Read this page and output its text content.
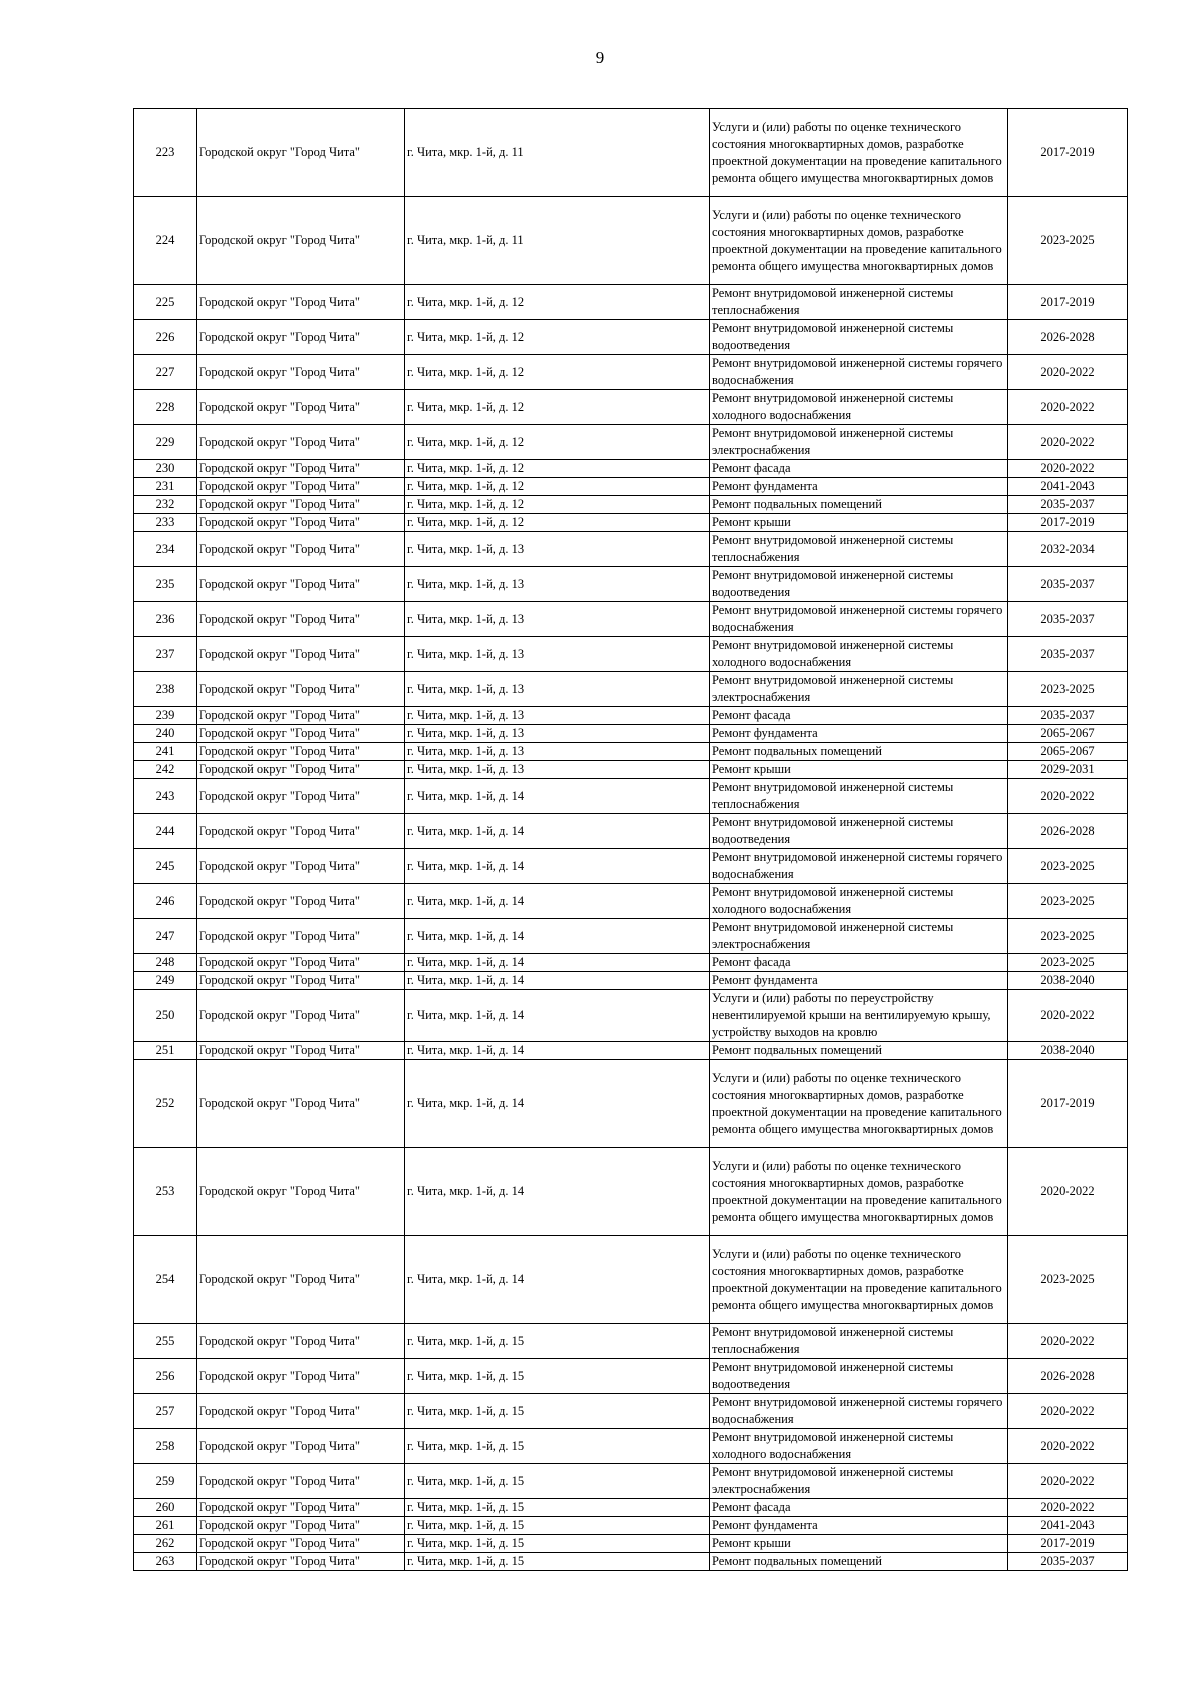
9
223	Городской округ "Город Чита"	г. Чита, мкр. 1-й, д. 11	Услуги и (или) работы по оценке технического состояния многоквартирных домов, разработке проектной документации на проведение капитального ремонта общего имущества многоквартирных домов	2017-2019
224	Городской округ "Город Чита"	г. Чита, мкр. 1-й, д. 11	Услуги и (или) работы по оценке технического состояния многоквартирных домов, разработке проектной документации на проведение капитального ремонта общего имущества многоквартирных домов	2023-2025
225	Городской округ "Город Чита"	г. Чита, мкр. 1-й, д. 12	Ремонт внутридомовой инженерной системы теплоснабжения	2017-2019
226	Городской округ "Город Чита"	г. Чита, мкр. 1-й, д. 12	Ремонт внутридомовой инженерной системы водоотведения	2026-2028
227	Городской округ "Город Чита"	г. Чита, мкр. 1-й, д. 12	Ремонт внутридомовой инженерной системы горячего водоснабжения	2020-2022
228	Городской округ "Город Чита"	г. Чита, мкр. 1-й, д. 12	Ремонт внутридомовой инженерной системы холодного водоснабжения	2020-2022
229	Городской округ "Город Чита"	г. Чита, мкр. 1-й, д. 12	Ремонт внутридомовой инженерной системы электроснабжения	2020-2022
230	Городской округ "Город Чита"	г. Чита, мкр. 1-й, д. 12	Ремонт фасада	2020-2022
231	Городской округ "Город Чита"	г. Чита, мкр. 1-й, д. 12	Ремонт фундамента	2041-2043
232	Городской округ "Город Чита"	г. Чита, мкр. 1-й, д. 12	Ремонт подвальных помещений	2035-2037
233	Городской округ "Город Чита"	г. Чита, мкр. 1-й, д. 12	Ремонт крыши	2017-2019
234	Городской округ "Город Чита"	г. Чита, мкр. 1-й, д. 13	Ремонт внутридомовой инженерной системы теплоснабжения	2032-2034
235	Городской округ "Город Чита"	г. Чита, мкр. 1-й, д. 13	Ремонт внутридомовой инженерной системы водоотведения	2035-2037
236	Городской округ "Город Чита"	г. Чита, мкр. 1-й, д. 13	Ремонт внутридомовой инженерной системы горячего водоснабжения	2035-2037
237	Городской округ "Город Чита"	г. Чита, мкр. 1-й, д. 13	Ремонт внутридомовой инженерной системы холодного водоснабжения	2035-2037
238	Городской округ "Город Чита"	г. Чита, мкр. 1-й, д. 13	Ремонт внутридомовой инженерной системы электроснабжения	2023-2025
239	Городской округ "Город Чита"	г. Чита, мкр. 1-й, д. 13	Ремонт фасада	2035-2037
240	Городской округ "Город Чита"	г. Чита, мкр. 1-й, д. 13	Ремонт фундамента	2065-2067
241	Городской округ "Город Чита"	г. Чита, мкр. 1-й, д. 13	Ремонт подвальных помещений	2065-2067
242	Городской округ "Город Чита"	г. Чита, мкр. 1-й, д. 13	Ремонт крыши	2029-2031
243	Городской округ "Город Чита"	г. Чита, мкр. 1-й, д. 14	Ремонт внутридомовой инженерной системы теплоснабжения	2020-2022
244	Городской округ "Город Чита"	г. Чита, мкр. 1-й, д. 14	Ремонт внутридомовой инженерной системы водоотведения	2026-2028
245	Городской округ "Город Чита"	г. Чита, мкр. 1-й, д. 14	Ремонт внутридомовой инженерной системы горячего водоснабжения	2023-2025
246	Городской округ "Город Чита"	г. Чита, мкр. 1-й, д. 14	Ремонт внутридомовой инженерной системы холодного водоснабжения	2023-2025
247	Городской округ "Город Чита"	г. Чита, мкр. 1-й, д. 14	Ремонт внутридомовой инженерной системы электроснабжения	2023-2025
248	Городской округ "Город Чита"	г. Чита, мкр. 1-й, д. 14	Ремонт фасада	2023-2025
249	Городской округ "Город Чита"	г. Чита, мкр. 1-й, д. 14	Ремонт фундамента	2038-2040
250	Городской округ "Город Чита"	г. Чита, мкр. 1-й, д. 14	Услуги и (или) работы по переустройству невентилируемой крыши на вентилируемую крышу, устройству выходов на кровлю	2020-2022
251	Городской округ "Город Чита"	г. Чита, мкр. 1-й, д. 14	Ремонт подвальных помещений	2038-2040
252	Городской округ "Город Чита"	г. Чита, мкр. 1-й, д. 14	Услуги и (или) работы по оценке технического состояния многоквартирных домов, разработке проектной документации на проведение капитального ремонта общего имущества многоквартирных домов	2017-2019
253	Городской округ "Город Чита"	г. Чита, мкр. 1-й, д. 14	Услуги и (или) работы по оценке технического состояния многоквартирных домов, разработке проектной документации на проведение капитального ремонта общего имущества многоквартирных домов	2020-2022
254	Городской округ "Город Чита"	г. Чита, мкр. 1-й, д. 14	Услуги и (или) работы по оценке технического состояния многоквартирных домов, разработке проектной документации на проведение капитального ремонта общего имущества многоквартирных домов	2023-2025
255	Городской округ "Город Чита"	г. Чита, мкр. 1-й, д. 15	Ремонт внутридомовой инженерной системы теплоснабжения	2020-2022
256	Городской округ "Город Чита"	г. Чита, мкр. 1-й, д. 15	Ремонт внутридомовой инженерной системы водоотведения	2026-2028
257	Городской округ "Город Чита"	г. Чита, мкр. 1-й, д. 15	Ремонт внутридомовой инженерной системы горячего водоснабжения	2020-2022
258	Городской округ "Город Чита"	г. Чита, мкр. 1-й, д. 15	Ремонт внутридомовой инженерной системы холодного водоснабжения	2020-2022
259	Городской округ "Город Чита"	г. Чита, мкр. 1-й, д. 15	Ремонт внутридомовой инженерной системы электроснабжения	2020-2022
260	Городской округ "Город Чита"	г. Чита, мкр. 1-й, д. 15	Ремонт фасада	2020-2022
261	Городской округ "Город Чита"	г. Чита, мкр. 1-й, д. 15	Ремонт фундамента	2041-2043
262	Городской округ "Город Чита"	г. Чита, мкр. 1-й, д. 15	Ремонт крыши	2017-2019
263	Городской округ "Город Чита"	г. Чита, мкр. 1-й, д. 15	Ремонт подвальных помещений	2035-2037
